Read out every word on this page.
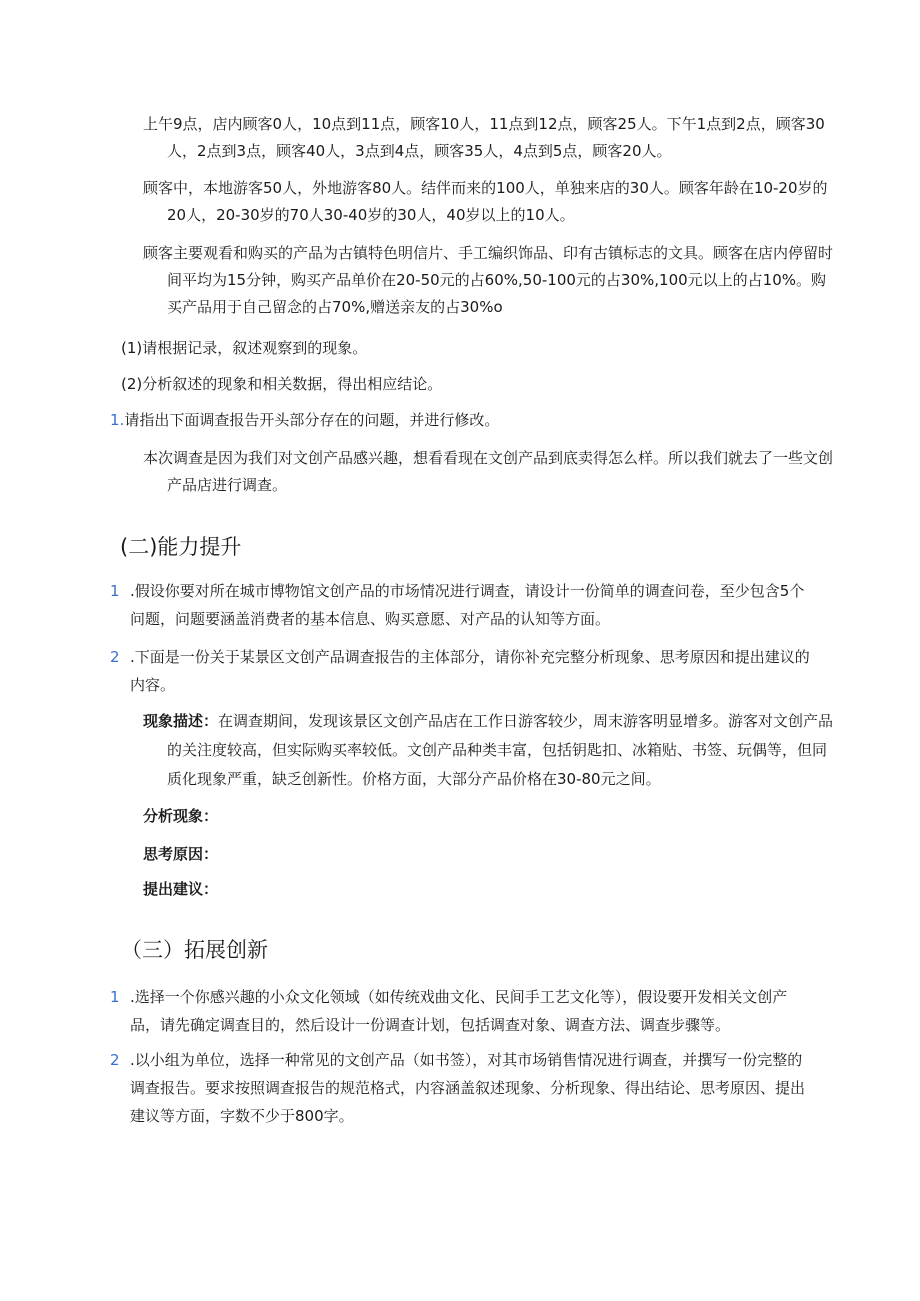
上午9点，店内顾客0人，10点到11点，顾客10人，11点到12点，顾客25人。下午1点到2点，顾客30人，2点到3点，顾客40人，3点到4点，顾客35人，4点到5点，顾客20人。

顾客中，本地游客50人，外地游客80人。结伴而来的100人，单独来店的30人。顾客年龄在10-20岁的20人，20-30岁的70人30-40岁的30人，40岁以上的10人。

顾客主要观看和购买的产品为古镇特色明信片、手工编织饰品、印有古镇标志的文具。顾客在店内停留时间平均为15分钟，购买产品单价在20-50元的占60%,50-100元的占30%,100元以上的占10%。购买产品用于自己留念的占70%,赠送亲友的占30%o

(1)请根据记录，叙述观察到的现象。

(2)分析叙述的现象和相关数据，得出相应结论。

1.请指出下面调查报告开头部分存在的问题，并进行修改。

本次调查是因为我们对文创产品感兴趣，想看看现在文创产品到底卖得怎么样。所以我们就去了一些文创产品店进行调查。

(二)能力提升
1 .假设你要对所在城市博物馆文创产品的市场情况进行调查，请设计一份简单的调查问卷，至少包含5个问题，问题要涵盖消费者的基本信息、购买意愿、对产品的认知等方面。
2 .下面是一份关于某景区文创产品调查报告的主体部分，请你补充完整分析现象、思考原因和提出建议的内容。

现象描述：在调查期间，发现该景区文创产品店在工作日游客较少，周末游客明显增多。游客对文创产品的关注度较高，但实际购买率较低。文创产品种类丰富，包括钥匙扣、冰箱贴、书签、玩偶等，但同质化现象严重，缺乏创新性。价格方面，大部分产品价格在30-80元之间。

分析现象：

思考原因：

提出建议：

（三）拓展创新
1 .选择一个你感兴趣的小众文化领域（如传统戏曲文化、民间手工艺文化等），假设要开发相关文创产品，请先确定调查目的，然后设计一份调查计划，包括调查对象、调查方法、调查步骤等。
2 .以小组为单位，选择一种常见的文创产品（如书签），对其市场销售情况进行调查，并撰写一份完整的调查报告。要求按照调查报告的规范格式，内容涵盖叙述现象、分析现象、得出结论、思考原因、提出建议等方面，字数不少于800字。
